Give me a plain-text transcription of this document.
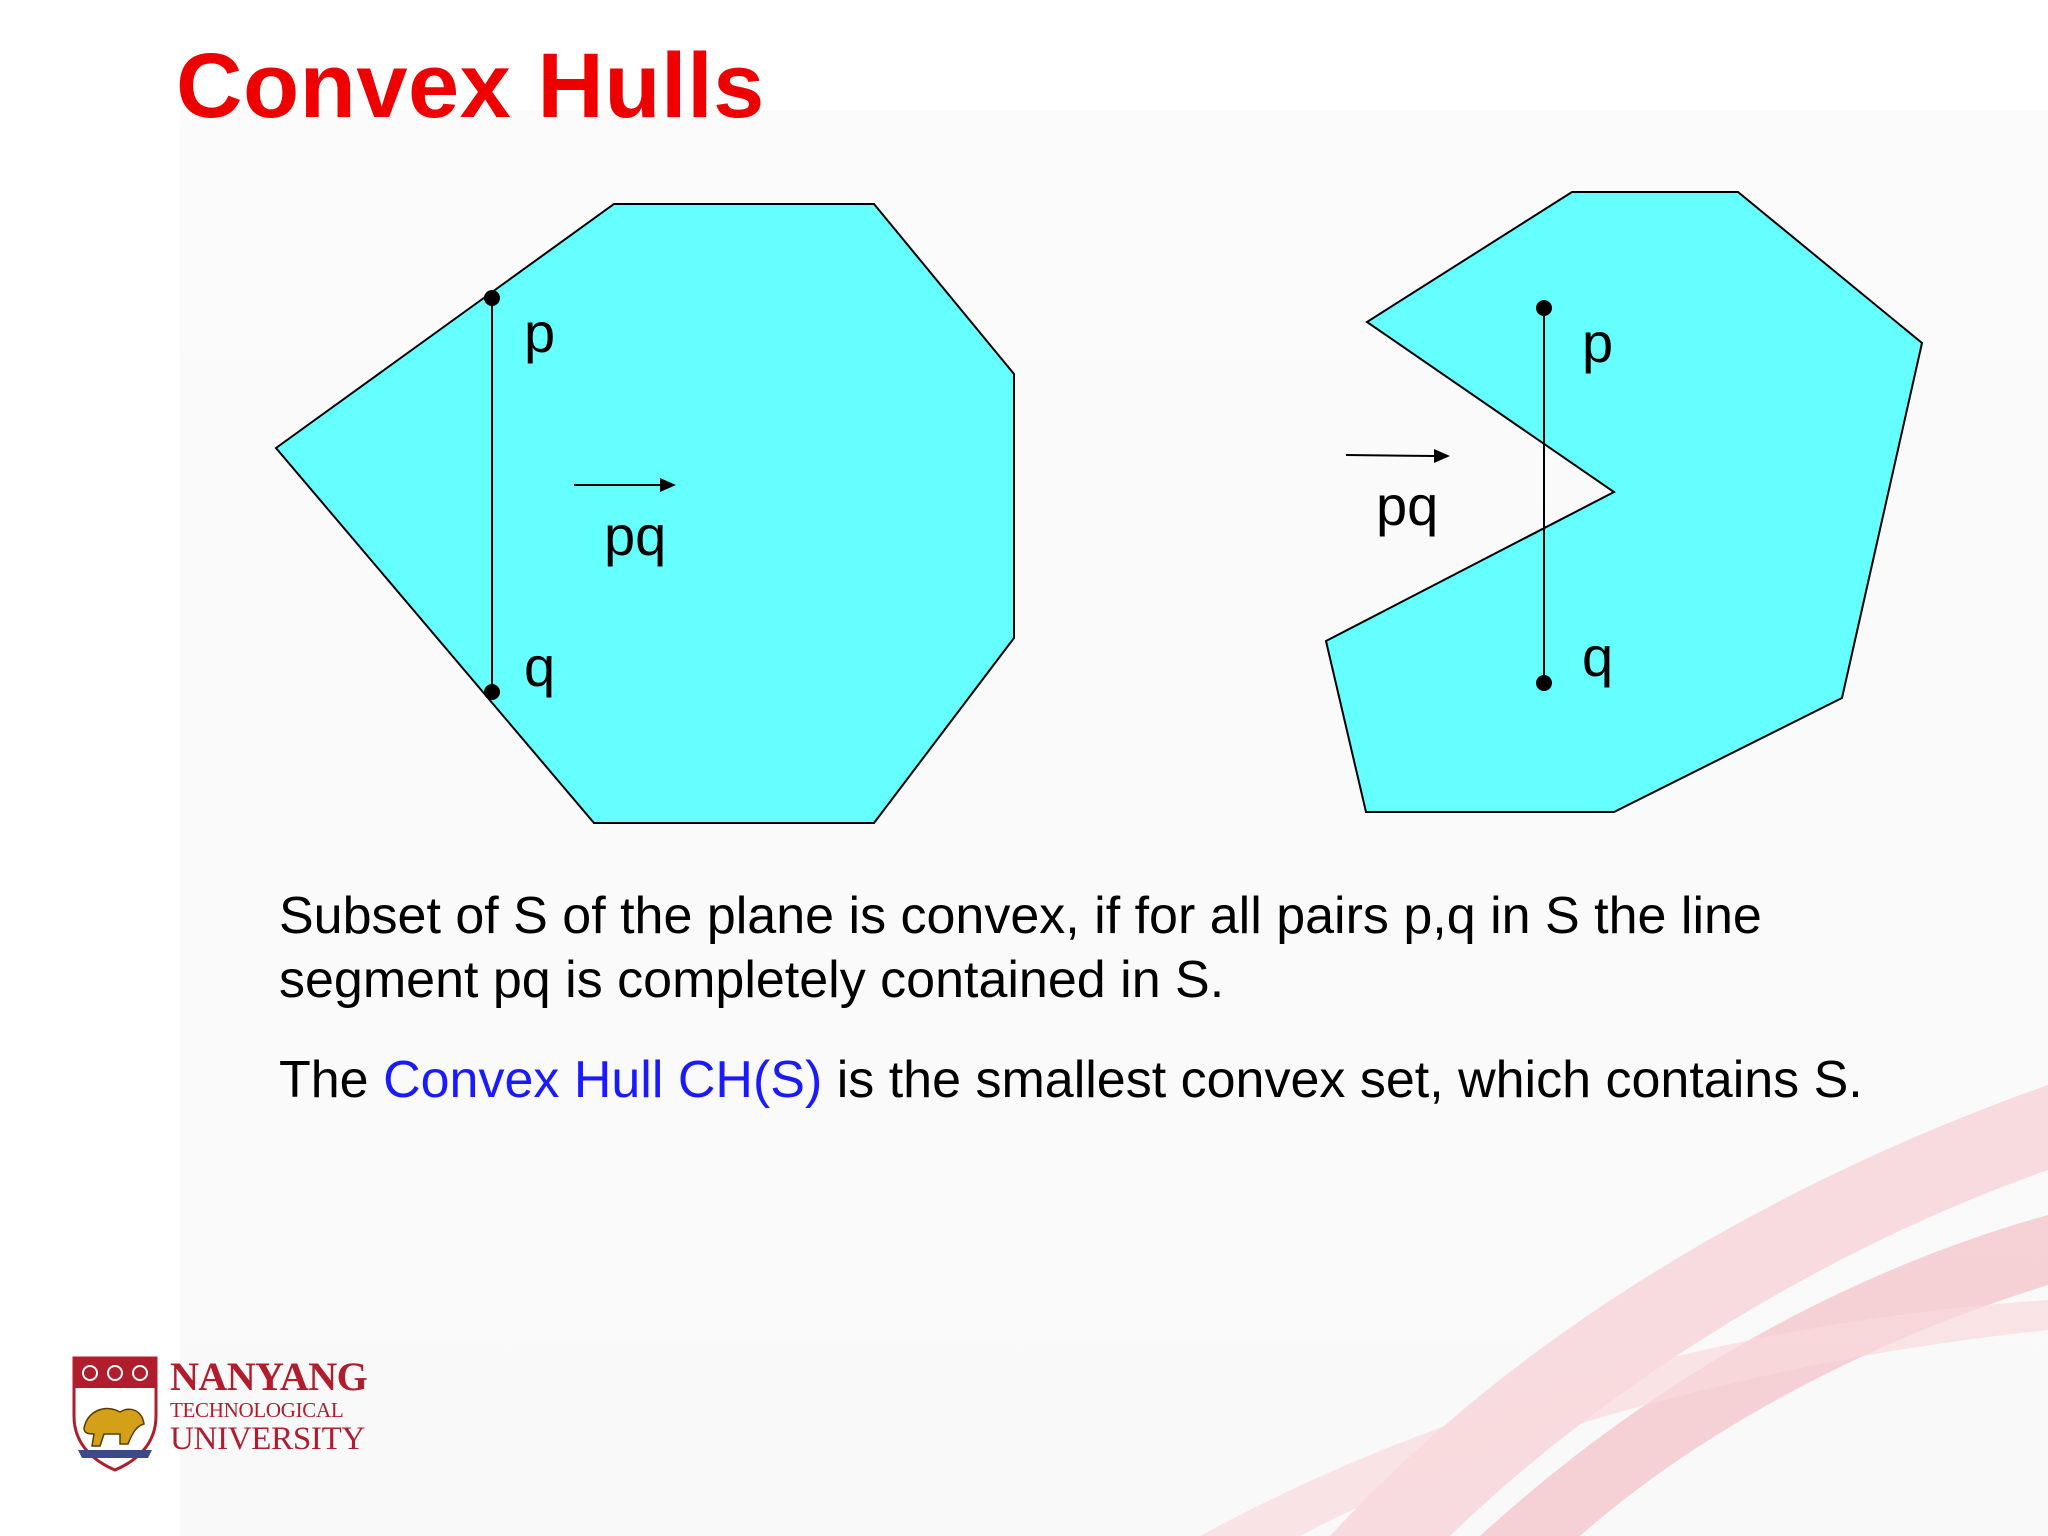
Convex Hulls
p
q
pq
p
q
pq

Subset of S of the plane is convex, if for all pairs p,q in S the line segment pq is completely contained in S.

The Convex Hull CH(S) is the smallest convex set, which contains S.

NANYANG
TECHNOLOGICAL
UNIVERSITY
